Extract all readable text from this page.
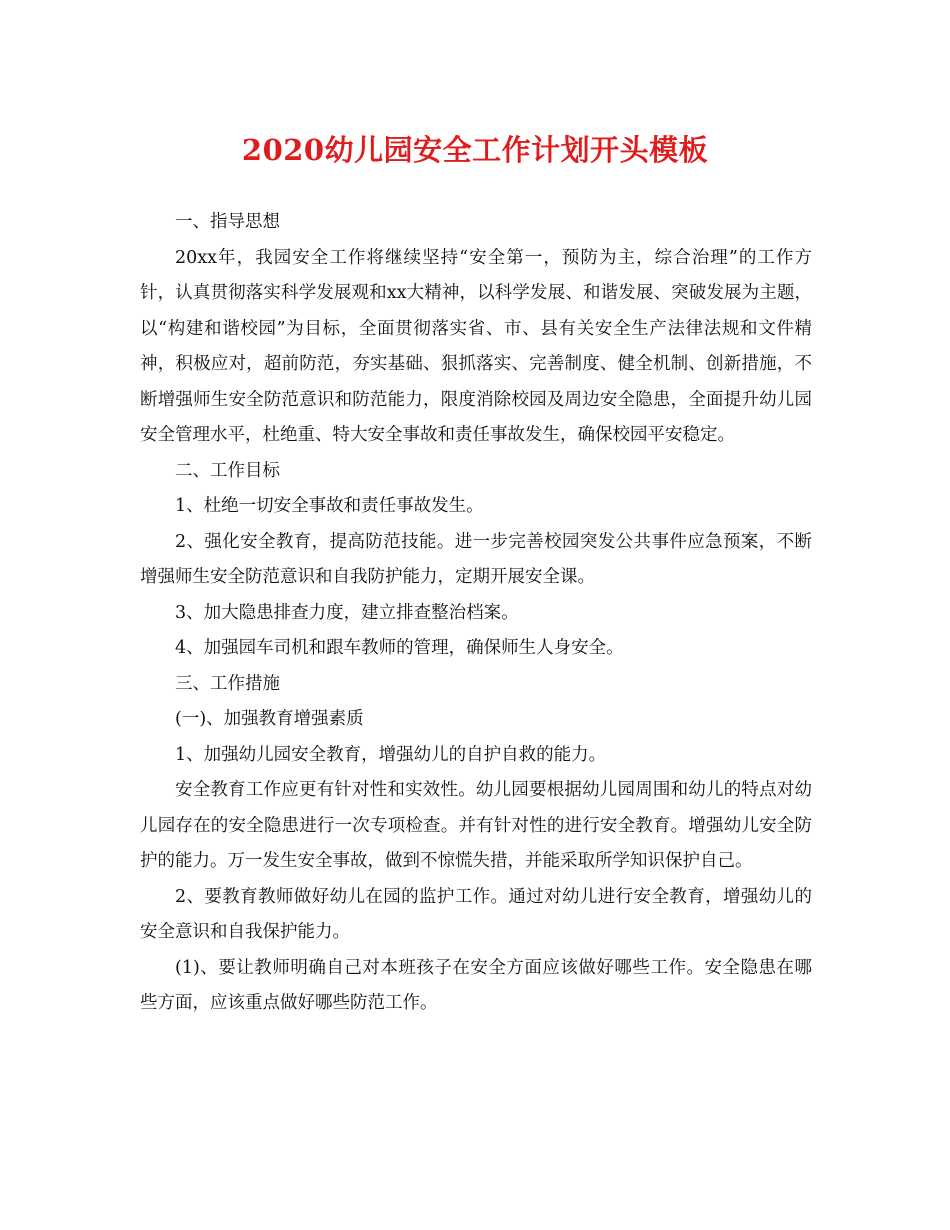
2020幼儿园安全工作计划开头模板

一、指导思想

20xx年，我园安全工作将继续坚持“安全第一，预防为主，综合治理”的工作方针，认真贯彻落实科学发展观和xx大精神，以科学发展、和谐发展、突破发展为主题，以“构建和谐校园”为目标，全面贯彻落实省、市、县有关安全生产法律法规和文件精神，积极应对，超前防范，夯实基础、狠抓落实、完善制度、健全机制、创新措施，不断增强师生安全防范意识和防范能力，限度消除校园及周边安全隐患，全面提升幼儿园安全管理水平，杜绝重、特大安全事故和责任事故发生，确保校园平安稳定。

二、工作目标

1、杜绝一切安全事故和责任事故发生。

2、强化安全教育，提高防范技能。进一步完善校园突发公共事件应急预案，不断增强师生安全防范意识和自我防护能力，定期开展安全课。

3、加大隐患排查力度，建立排查整治档案。

4、加强园车司机和跟车教师的管理，确保师生人身安全。

三、工作措施

(一)、加强教育增强素质

1、加强幼儿园安全教育，增强幼儿的自护自救的能力。

安全教育工作应更有针对性和实效性。幼儿园要根据幼儿园周围和幼儿的特点对幼儿园存在的安全隐患进行一次专项检查。并有针对性的进行安全教育。增强幼儿安全防护的能力。万一发生安全事故，做到不惊慌失措，并能采取所学知识保护自己。

2、要教育教师做好幼儿在园的监护工作。通过对幼儿进行安全教育，增强幼儿的安全意识和自我保护能力。

(1)、要让教师明确自己对本班孩子在安全方面应该做好哪些工作。安全隐患在哪些方面，应该重点做好哪些防范工作。
